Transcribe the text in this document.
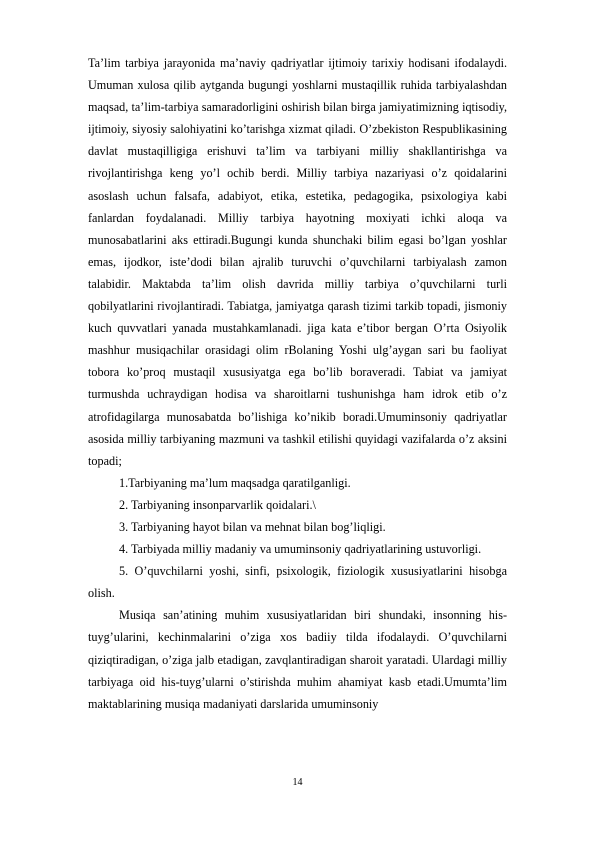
Ta’lim tarbiya jarayonida ma’naviy qadriyatlar ijtimoiy tarixiy hodisani ifodalaydi. Umuman xulosa qilib aytganda bugungi yoshlarni mustaqillik ruhida tarbiyalashdan maqsad, ta’lim-tarbiya samaradorligini oshirish bilan birga jamiyatimizning iqtisodiy, ijtimoiy, siyosiy salohiyatini ko’tarishga xizmat qiladi. O’zbekiston Respublikasining davlat mustaqilligiga erishuvi ta’lim va tarbiyani milliy shakllantirishga va rivojlantirishga keng yo’l ochib berdi. Milliy tarbiya nazariyasi o’z qoidalarini asoslash uchun falsafa, adabiyot, etika, estetika, pedagogika, psixologiya kabi fanlardan foydalanadi. Milliy tarbiya hayotning moxiyati ichki aloqa va munosabatlarini aks ettiradi.Bugungi kunda shunchaki bilim egasi bo’lgan yoshlar emas, ijodkor, iste’dodi bilan ajralib turuvchi o’quvchilarni tarbiyalash zamon talabidir. Maktabda ta’lim olish davrida milliy tarbiya o’quvchilarni turli qobilyatlarini rivojlantiradi. Tabiatga, jamiyatga qarash tizimi tarkib topadi, jismoniy kuch quvvatlari yanada mustahkamlanadi. jiga kata e’tibor bergan O’rta Osiyolik mashhur musiqachilar orasidagi olim rBolaning Yoshi ulg’aygan sari bu faoliyat tobora ko’proq mustaqil xususiyatga ega bo’lib boraveradi. Tabiat va jamiyat turmushda uchraydigan hodisa va sharoitlarni tushunishga ham idrok etib o’z atrofidagilarga munosabatda bo’lishiga ko’nikib boradi.Umuminsoniy qadriyatlar asosida milliy tarbiyaning mazmuni va tashkil etilishi quyidagi vazifalarda o’z aksini topadi;

1.Tarbiyaning ma’lum maqsadga qaratilganligi.

2. Tarbiyaning insonparvarlik qoidalari.\

3. Tarbiyaning hayot bilan va mehnat bilan bog’liqligi.

4. Tarbiyada milliy madaniy va umuminsoniy qadriyatlarining ustuvorligi.

5. O’quvchilarni yoshi, sinfi, psixologik, fiziologik xususiyatlarini hisobga olish.

Musiqa san’atining muhim xususiyatlaridan biri shundaki, insonning his-tuyg’ularini, kechinmalarini o’ziga xos badiiy tilda ifodalaydi. O’quvchilarni qiziqtiradigan, o’ziga jalb etadigan, zavqlantiradigan sharoit yaratadi. Ulardagi milliy tarbiyaga oid his-tuyg’ularni o’stirishda muhim ahamiyat kasb etadi.Umumta’lim maktablarining musiqa madaniyati darslarida umuminsoniy

14
